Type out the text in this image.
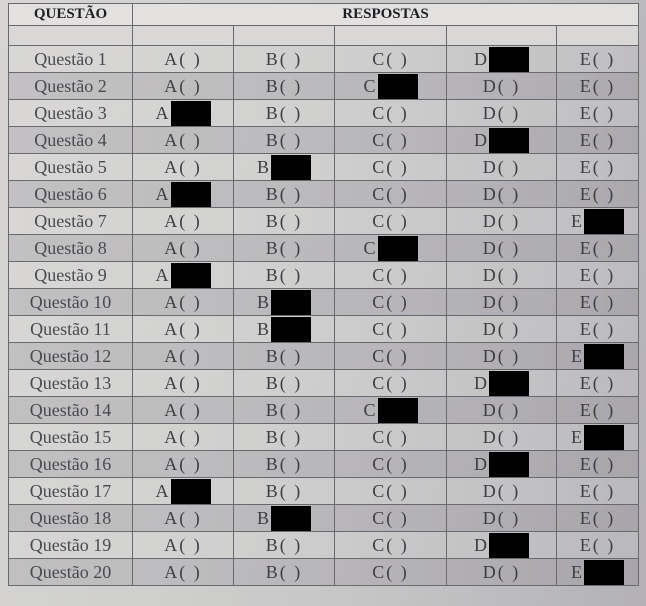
QUESTÃO	RESPOSTAS				

Questão 1	A ( )	B ( )	C ( )	D	E ( )

Questão 2	A ( )	B ( )	C	D ( )	E ( )

Questão 3	A	B ( )	C ( )	D ( )	E ( )

Questão 4	A ( )	B ( )	C ( )	D	E ( )

Questão 5	A ( )	B	C ( )	D ( )	E ( )

Questão 6	A	B ( )	C ( )	D ( )	E ( )

Questão 7	A ( )	B ( )	C ( )	D ( )	E

Questão 8	A ( )	B ( )	C	D ( )	E ( )

Questão 9	A	B ( )	C ( )	D ( )	E ( )

Questão 10	A ( )	B	C ( )	D ( )	E ( )

Questão 11	A ( )	B	C ( )	D ( )	E ( )

Questão 12	A ( )	B ( )	C ( )	D ( )	E

Questão 13	A ( )	B ( )	C ( )	D	E ( )

Questão 14	A ( )	B ( )	C	D ( )	E ( )

Questão 15	A ( )	B ( )	C ( )	D ( )	E

Questão 16	A ( )	B ( )	C ( )	D	E ( )

Questão 17	A	B ( )	C ( )	D ( )	E ( )

Questão 18	A ( )	B	C ( )	D ( )	E ( )

Questão 19	A ( )	B ( )	C ( )	D	E ( )

Questão 20	A ( )	B ( )	C ( )	D ( )	E
